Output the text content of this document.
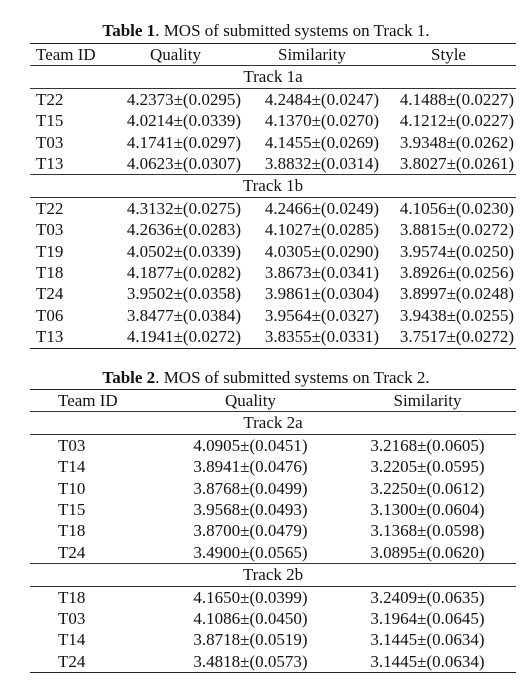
Table 1. MOS of submitted systems on Track 1.
Team ID	Quality	Similarity	Style
Track 1a			
T22	4.2373±(0.0295)	4.2484±(0.0247)	4.1488±(0.0227)
T15	4.0214±(0.0339)	4.1370±(0.0270)	4.1212±(0.0227)
T03	4.1741±(0.0297)	4.1455±(0.0269)	3.9348±(0.0262)
T13	4.0623±(0.0307)	3.8832±(0.0314)	3.8027±(0.0261)
Track 1b			
T22	4.3132±(0.0275)	4.2466±(0.0249)	4.1056±(0.0230)
T03	4.2636±(0.0283)	4.1027±(0.0285)	3.8815±(0.0272)
T19	4.0502±(0.0339)	4.0305±(0.0290)	3.9574±(0.0250)
T18	4.1877±(0.0282)	3.8673±(0.0341)	3.8926±(0.0256)
T24	3.9502±(0.0358)	3.9861±(0.0304)	3.8997±(0.0248)
T06	3.8477±(0.0384)	3.9564±(0.0327)	3.9438±(0.0255)
T13	4.1941±(0.0272)	3.8355±(0.0331)	3.7517±(0.0272)
Table 2. MOS of submitted systems on Track 2.
Team ID	Quality	Similarity
Track 2a		
T03	4.0905±(0.0451)	3.2168±(0.0605)
T14	3.8941±(0.0476)	3.2205±(0.0595)
T10	3.8768±(0.0499)	3.2250±(0.0612)
T15	3.9568±(0.0493)	3.1300±(0.0604)
T18	3.8700±(0.0479)	3.1368±(0.0598)
T24	3.4900±(0.0565)	3.0895±(0.0620)
Track 2b		
T18	4.1650±(0.0399)	3.2409±(0.0635)
T03	4.1086±(0.0450)	3.1964±(0.0645)
T14	3.8718±(0.0519)	3.1445±(0.0634)
T24	3.4818±(0.0573)	3.1445±(0.0634)
